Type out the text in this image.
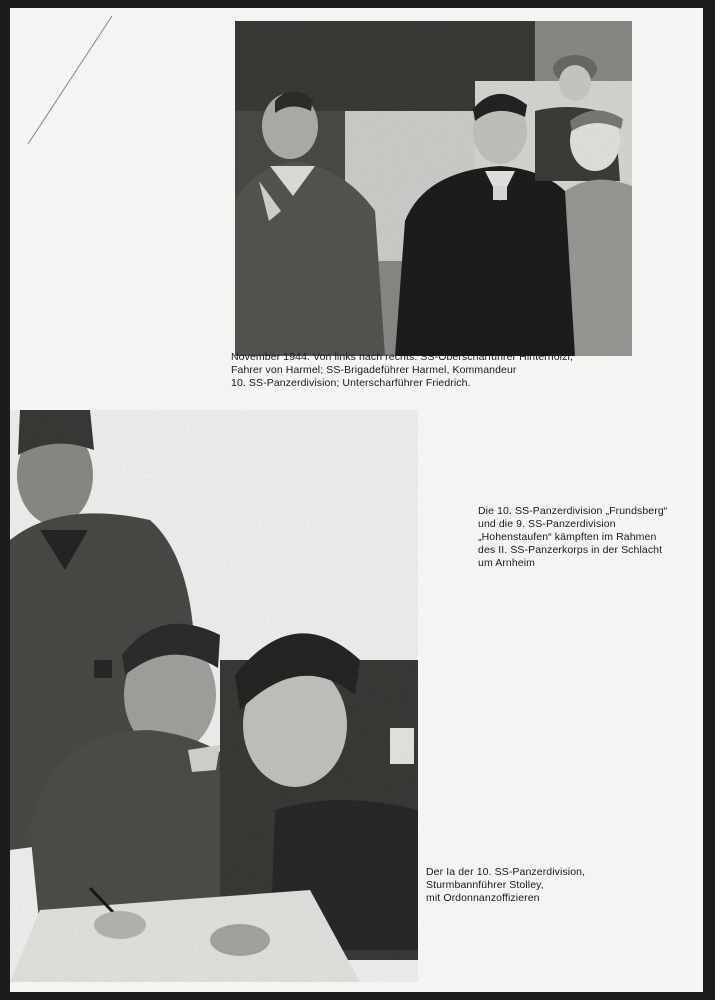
November 1944. Von links nach rechts: SS-Oberscharführer Hinterhölzl,
Fahrer von Harmel; SS-Brigadeführer Harmel, Kommandeur
10. SS-Panzerdivision; Unterscharführer Friedrich.
Die 10. SS-Panzerdivision „Frundsberg“
und die 9. SS-Panzerdivision
„Hohenstaufen“ kämpften im Rahmen
des II. SS-Panzerkorps in der Schlacht
um Arnheim
Der Ia der 10. SS-Panzerdivision,
Sturmbannführer Stolley,
mit Ordonnanzoffizieren
